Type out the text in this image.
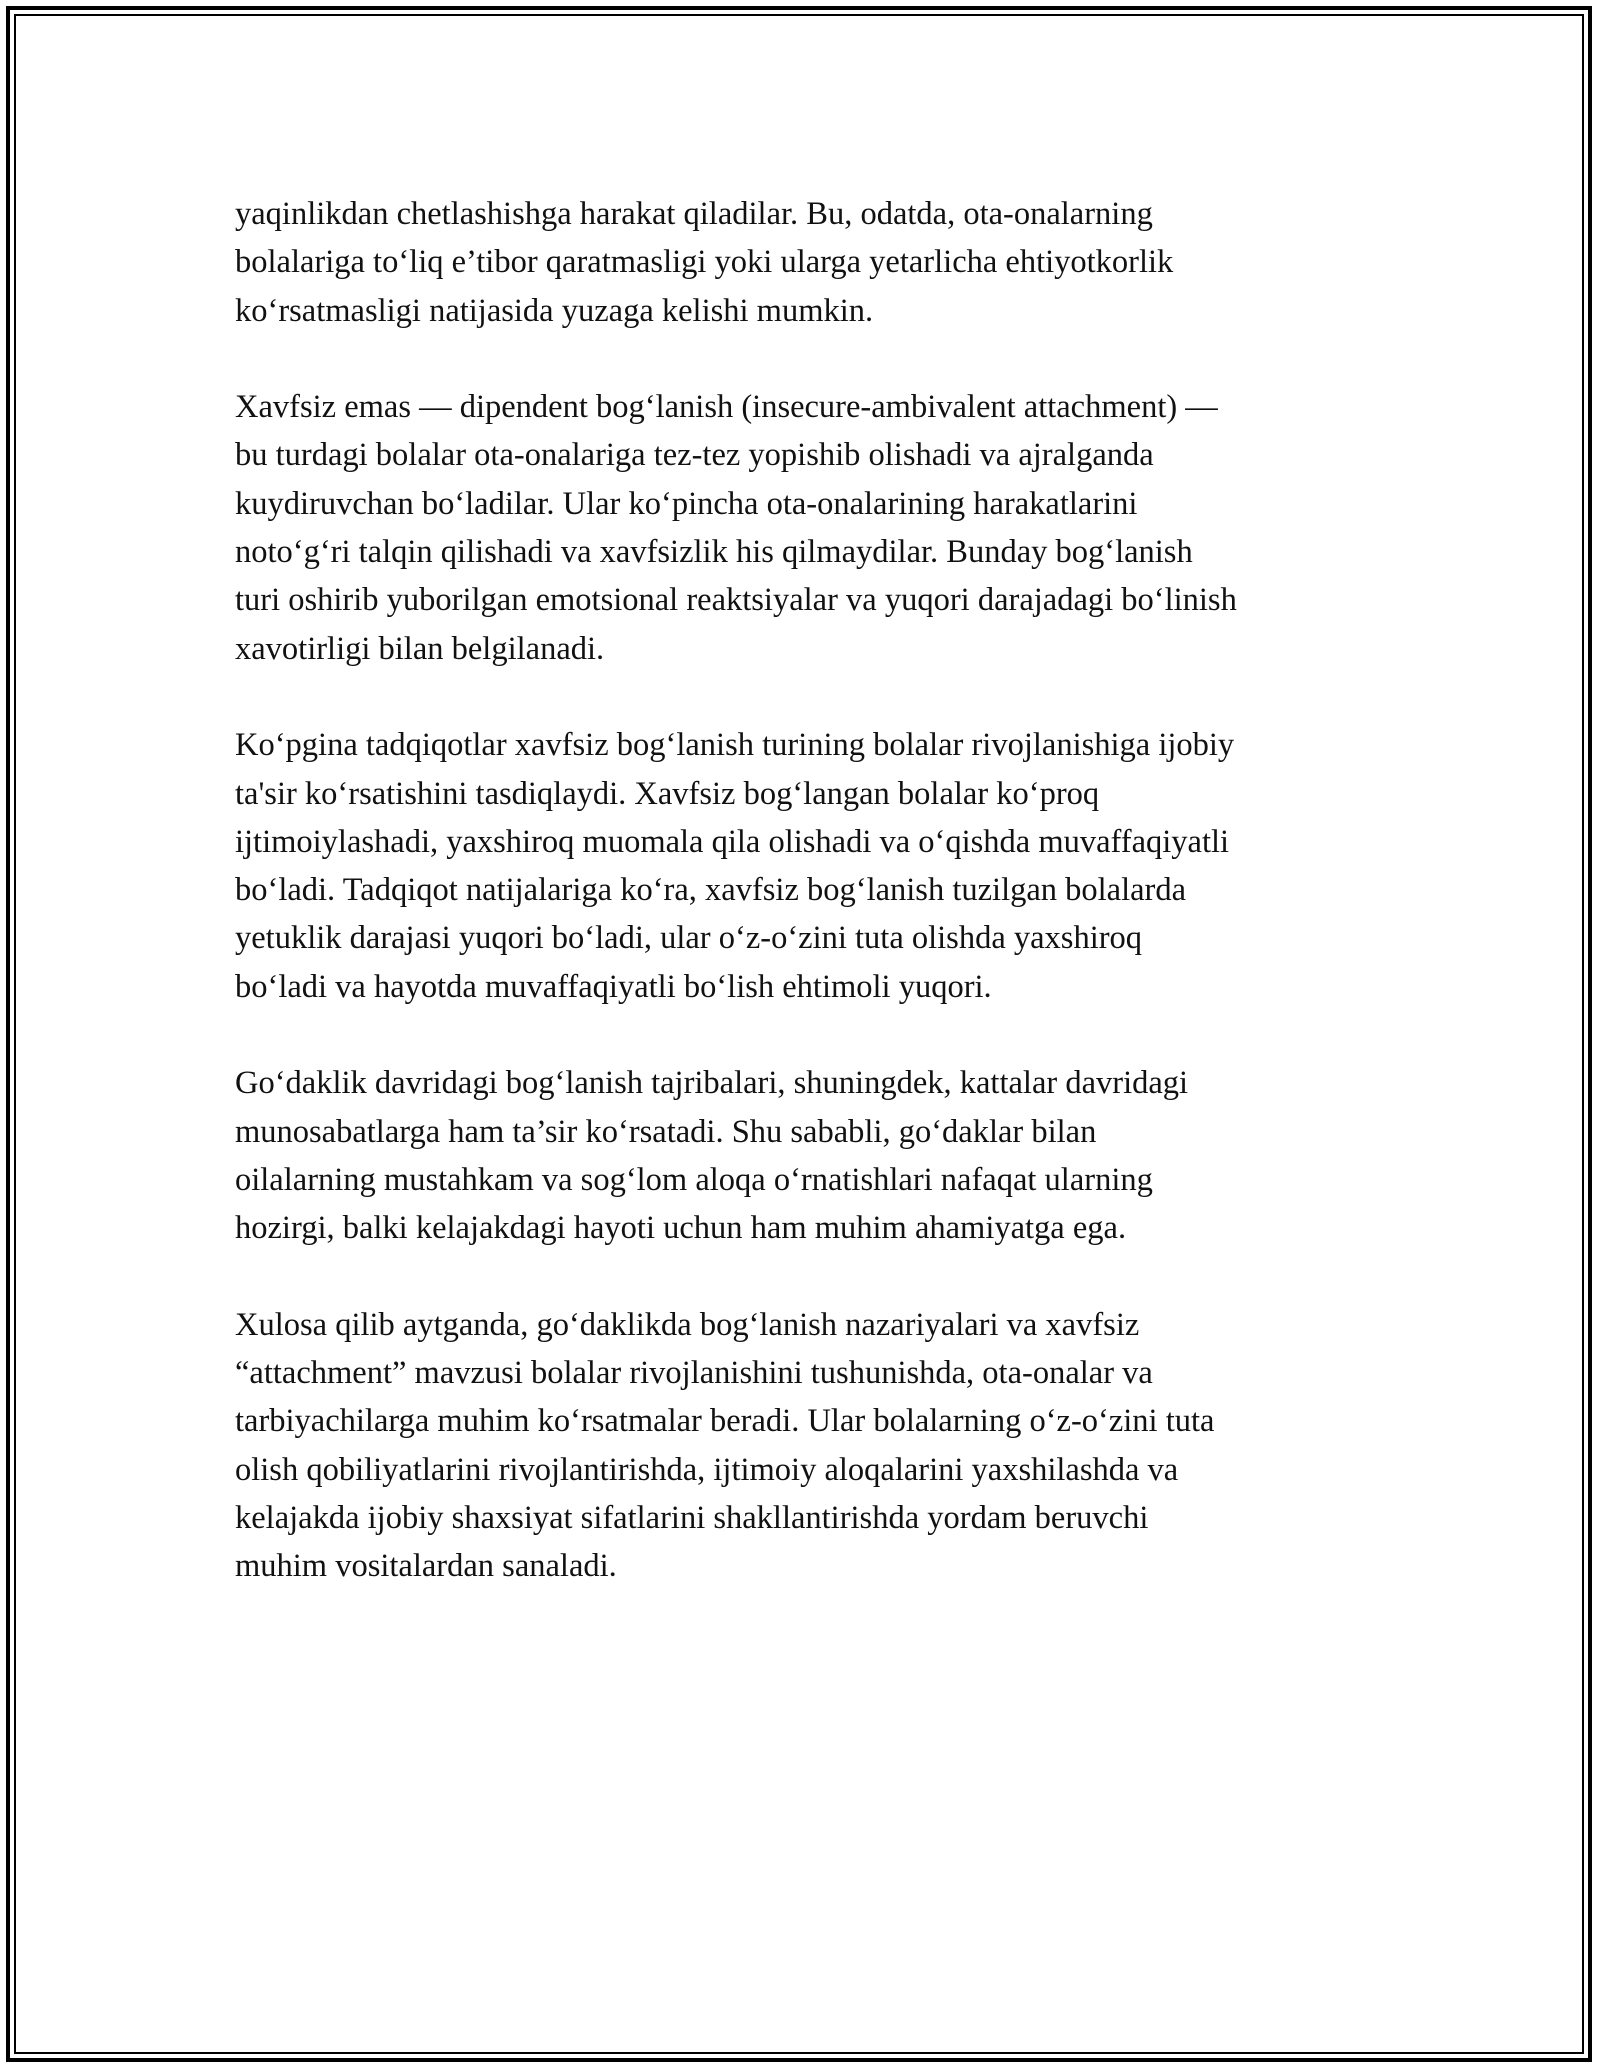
yaqinlikdan chetlashishga harakat qiladilar. Bu, odatda, ota-onalarning
bolalariga to‘liq e’tibor qaratmasligi yoki ularga yetarlicha ehtiyotkorlik
ko‘rsatmasligi natijasida yuzaga kelishi mumkin.

Xavfsiz emas — dipendent bog‘lanish (insecure-ambivalent attachment) —
bu turdagi bolalar ota-onalariga tez-tez yopishib olishadi va ajralganda
kuydiruvchan bo‘ladilar. Ular ko‘pincha ota-onalarining harakatlarini
noto‘g‘ri talqin qilishadi va xavfsizlik his qilmaydilar. Bunday bog‘lanish
turi oshirib yuborilgan emotsional reaktsiyalar va yuqori darajadagi bo‘linish
xavotirligi bilan belgilanadi.

Ko‘pgina tadqiqotlar xavfsiz bog‘lanish turining bolalar rivojlanishiga ijobiy
ta'sir ko‘rsatishini tasdiqlaydi. Xavfsiz bog‘langan bolalar ko‘proq
ijtimoiylashadi, yaxshiroq muomala qila olishadi va o‘qishda muvaffaqiyatli
bo‘ladi. Tadqiqot natijalariga ko‘ra, xavfsiz bog‘lanish tuzilgan bolalarda
yetuklik darajasi yuqori bo‘ladi, ular o‘z-o‘zini tuta olishda yaxshiroq
bo‘ladi va hayotda muvaffaqiyatli bo‘lish ehtimoli yuqori.

Go‘daklik davridagi bog‘lanish tajribalari, shuningdek, kattalar davridagi
munosabatlarga ham ta’sir ko‘rsatadi. Shu sababli, go‘daklar bilan
oilalarning mustahkam va sog‘lom aloqa o‘rnatishlari nafaqat ularning
hozirgi, balki kelajakdagi hayoti uchun ham muhim ahamiyatga ega.

Xulosa qilib aytganda, go‘daklikda bog‘lanish nazariyalari va xavfsiz
“attachment” mavzusi bolalar rivojlanishini tushunishda, ota-onalar va
tarbiyachilarga muhim ko‘rsatmalar beradi. Ular bolalarning o‘z-o‘zini tuta
olish qobiliyatlarini rivojlantirishda, ijtimoiy aloqalarini yaxshilashda va
kelajakda ijobiy shaxsiyat sifatlarini shakllantirishda yordam beruvchi
muhim vositalardan sanaladi.
